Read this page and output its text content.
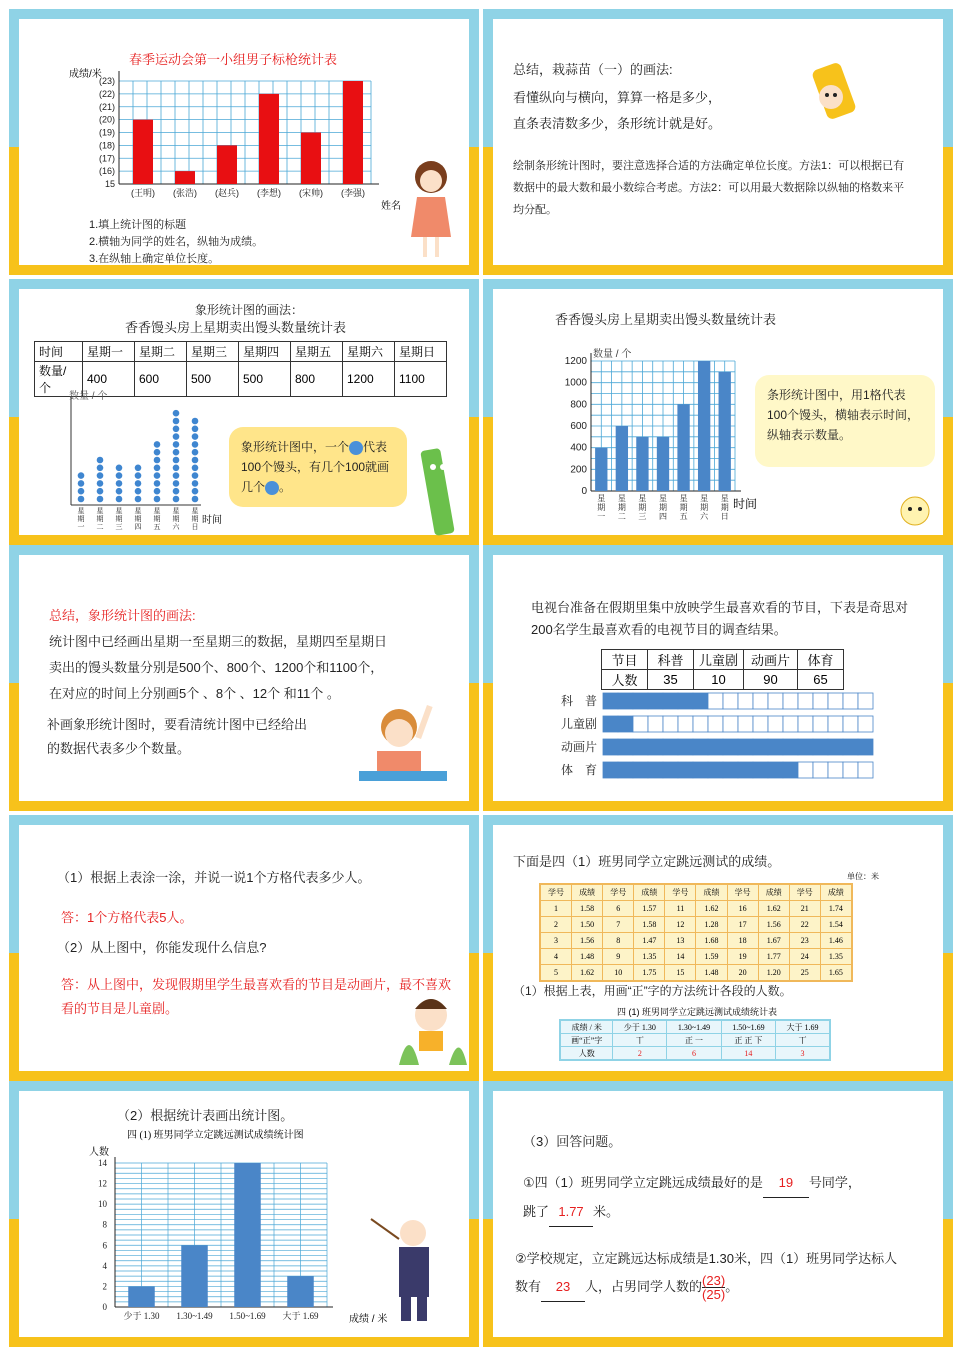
春季运动会第一小组男子标枪统计表
成绩/米
(23)
(22)
(21)
(20)
(19)
(18)
(17)
(16)
15
(王明) (张浩) (赵兵) (李想) (宋帅) (李强)
姓名
1.填上统计图的标题
2.横轴为同学的姓名，纵轴为成绩。
3.在纵轴上确定单位长度。
总结，栽蒜苗（一）的画法:
看懂纵向与横向，算算一格是多少，
直条表清数多少，条形统计就是好。
绘制条形统计图时，要注意选择合适的方法确定单位长度。方法1：可以根据已有数据中的最大数和最小数综合考虑。方法2：可以用最大数据除以纵轴的格数来平均分配。
象形统计图的画法：
香香馒头房上星期卖出馒头数量统计表
时间	星期一	星期二	星期三	星期四	星期五	星期六	星期日
数量/个	400	600	500	500	800	1200	1100
数量 / 个
星
期
一
星
期
二
星
期
三
星
期
四
星
期
五
星
期
六
星
期
日
时间
象形统计图中，一个 代表100个馒头，有几个100就画几个 。
香香馒头房上星期卖出馒头数量统计表
数量 / 个
1200
1000
800
600
400
200
0
星
期
一
星
期
二
星
期
三
星
期
四
星
期
五
星
期
六
星
期
日
时间
条形统计图中，用1格代表100个馒头，横轴表示时间，纵轴表示数量。
总结，象形统计图的画法:
统计图中已经画出星期一至星期三的数据，星期四至星期日
卖出的馒头数量分别是500个、800个、1200个和1100个，
在对应的时间上分别画5个 、8个 、12个 和11个 。
补画象形统计图时，要看清统计图中已经给出
的数据代表多少个数量。
电视台准备在假期里集中放映学生最喜欢看的节目，下表是奇思对
200名学生最喜欢看的电视节目的调查结果。
节目	科普	儿童剧	动画片	体育
人数	35	10	90	65
科　普
儿童剧
动画片
体　育
（1）根据上表涂一涂，并说一说1个方格代表多少人。
答：1个方格代表5人。
（2）从上图中，你能发现什么信息?
答：从上图中，发现假期里学生最喜欢看的节目是动画片，最不喜欢看的节目是儿童剧。
下面是四（1）班男同学立定跳远测试的成绩。
单位：米
学号	成绩	学号	成绩	学号	成绩	学号	成绩	学号	成绩
1	1.58	6	1.57	11	1.62	16	1.62	21	1.74
2	1.50	7	1.58	12	1.28	17	1.56	22	1.54
3	1.56	8	1.47	13	1.68	18	1.67	23	1.46
4	1.48	9	1.35	14	1.59	19	1.77	24	1.35
5	1.62	10	1.75	15	1.48	20	1.20	25	1.65
（1）根据上表，用画“正”字的方法统计各段的人数。
四 (1) 班男同学立定跳远测试成绩统计表
成绩 / 米	少于 1.30	1.30~1.49	1.50~1.69	大于 1.69
画“正”字	丅	正 一	正 正 下	丅
人数	2	6	14	3
（2）根据统计表画出统计图。
四 (1) 班男同学立定跳远测试成绩统计图
人数
14
12
10
8
6
4
2
0
少于 1.30 1.30~1.49 1.50~1.69 大于 1.69	成绩 / 米
（3）回答问题。
①四（1）班男同学立定跳远成绩最好的是 19 号同学，
跳了 1.77 米。
②学校规定，立定跳远达标成绩是1.30米，四（1）班男同学达标人
数有 23 人，占男同学人数的 $\frac{(23)}{(25)}$ 。
